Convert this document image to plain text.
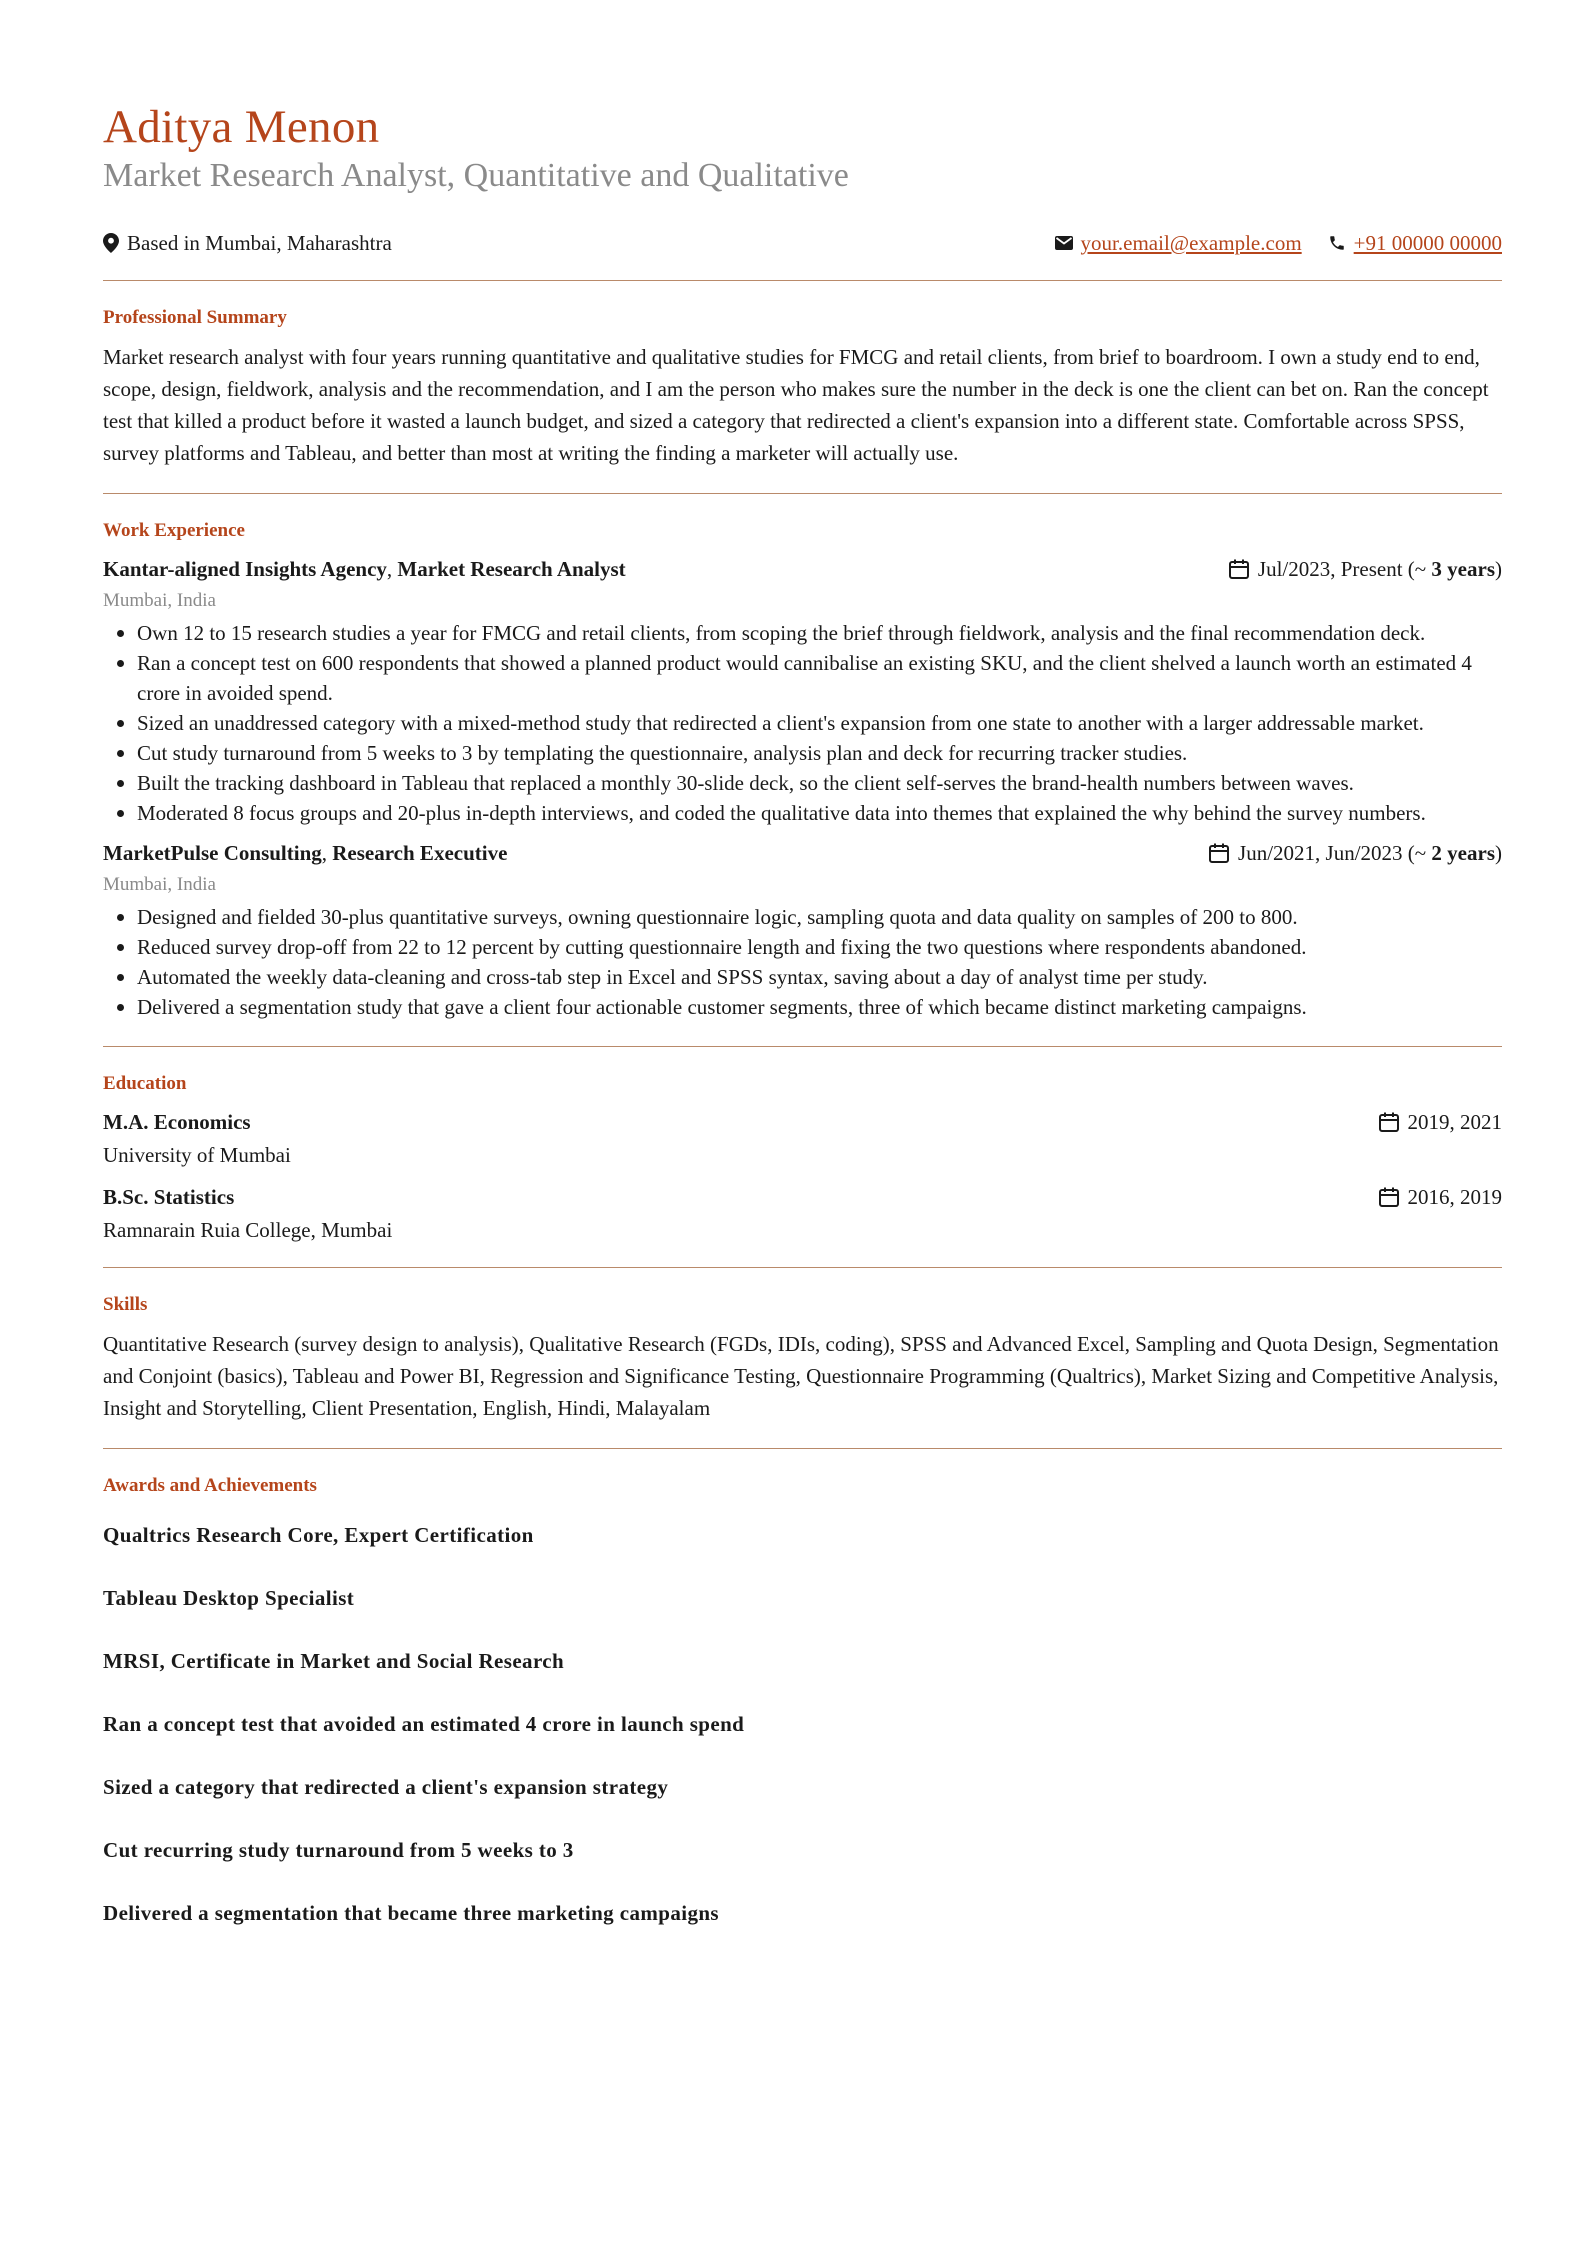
Aditya Menon
Market Research Analyst, Quantitative and Qualitative
Based in Mumbai, Maharashtra	your.email@example.com +91 00000 00000
Professional Summary
Market research analyst with four years running quantitative and qualitative studies for FMCG and retail clients, from brief to boardroom. I own a study end to end, scope, design, fieldwork, analysis and the recommendation, and I am the person who makes sure the number in the deck is one the client can bet on. Ran the concept test that killed a product before it wasted a launch budget, and sized a category that redirected a client's expansion into a different state. Comfortable across SPSS, survey platforms and Tableau, and better than most at writing the finding a marketer will actually use.
Work Experience
Kantar-aligned Insights Agency, Market Research Analyst	Jul/2023, Present (~ 3 years)
Mumbai, India
Own 12 to 15 research studies a year for FMCG and retail clients, from scoping the brief through fieldwork, analysis and the final recommendation deck.
Ran a concept test on 600 respondents that showed a planned product would cannibalise an existing SKU, and the client shelved a launch worth an estimated 4 crore in avoided spend.
Sized an unaddressed category with a mixed-method study that redirected a client's expansion from one state to another with a larger addressable market.
Cut study turnaround from 5 weeks to 3 by templating the questionnaire, analysis plan and deck for recurring tracker studies.
Built the tracking dashboard in Tableau that replaced a monthly 30-slide deck, so the client self-serves the brand-health numbers between waves.
Moderated 8 focus groups and 20-plus in-depth interviews, and coded the qualitative data into themes that explained the why behind the survey numbers.
MarketPulse Consulting, Research Executive	Jun/2021, Jun/2023 (~ 2 years)
Mumbai, India
Designed and fielded 30-plus quantitative surveys, owning questionnaire logic, sampling quota and data quality on samples of 200 to 800.
Reduced survey drop-off from 22 to 12 percent by cutting questionnaire length and fixing the two questions where respondents abandoned.
Automated the weekly data-cleaning and cross-tab step in Excel and SPSS syntax, saving about a day of analyst time per study.
Delivered a segmentation study that gave a client four actionable customer segments, three of which became distinct marketing campaigns.
Education
M.A. Economics	2019, 2021
University of Mumbai
B.Sc. Statistics	2016, 2019
Ramnarain Ruia College, Mumbai
Skills
Quantitative Research (survey design to analysis), Qualitative Research (FGDs, IDIs, coding), SPSS and Advanced Excel, Sampling and Quota Design, Segmentation and Conjoint (basics), Tableau and Power BI, Regression and Significance Testing, Questionnaire Programming (Qualtrics), Market Sizing and Competitive Analysis, Insight and Storytelling, Client Presentation, English, Hindi, Malayalam
Awards and Achievements
Qualtrics Research Core, Expert Certification
Tableau Desktop Specialist
MRSI, Certificate in Market and Social Research
Ran a concept test that avoided an estimated 4 crore in launch spend
Sized a category that redirected a client's expansion strategy
Cut recurring study turnaround from 5 weeks to 3
Delivered a segmentation that became three marketing campaigns
